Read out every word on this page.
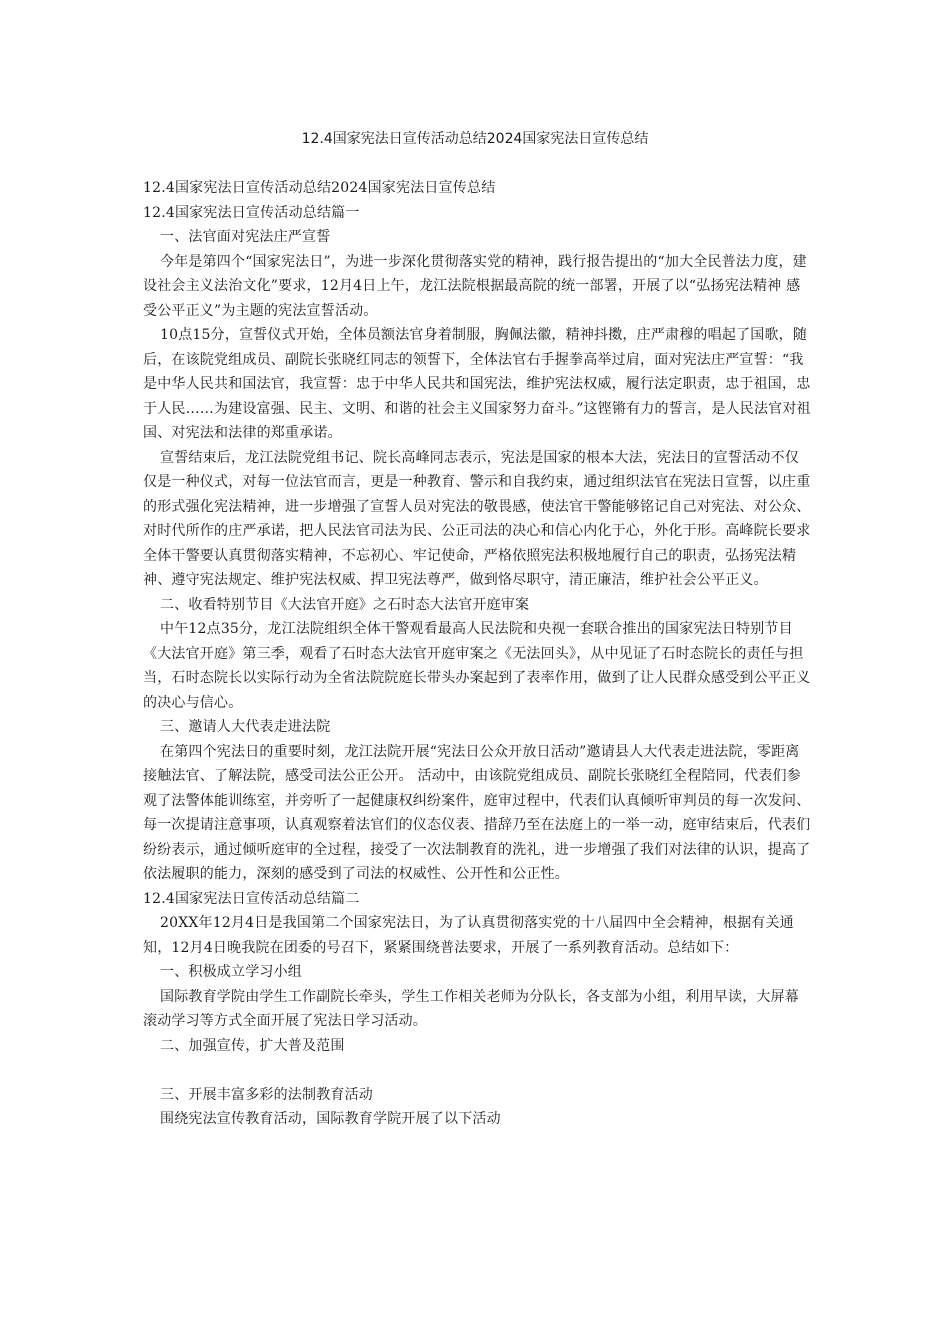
12.4国家宪法日宣传活动总结2024国家宪法日宣传总结

12.4国家宪法日宣传活动总结2024国家宪法日宣传总结

12.4国家宪法日宣传活动总结篇一

一、法官面对宪法庄严宣誓

今年是第四个“国家宪法日”，为进一步深化贯彻落实党的精神，践行报告提出的“加大全民普法力度，建设社会主义法治文化”要求，12月4日上午，龙江法院根据最高院的统一部署，开展了以“弘扬宪法精神 感受公平正义”为主题的宪法宣誓活动。

10点15分，宣誓仪式开始，全体员额法官身着制服，胸佩法徽，精神抖擞，庄严肃穆的唱起了国歌，随后，在该院党组成员、副院长张晓红同志的领誓下，全体法官右手握拳高举过肩，面对宪法庄严宣誓：“我是中华人民共和国法官，我宣誓：忠于中华人民共和国宪法，维护宪法权威，履行法定职责，忠于祖国，忠于人民……为建设富强、民主、文明、和谐的社会主义国家努力奋斗。”这铿锵有力的誓言，是人民法官对祖国、对宪法和法律的郑重承诺。

宣誓结束后，龙江法院党组书记、院长高峰同志表示，宪法是国家的根本大法，宪法日的宣誓活动不仅仅是一种仪式，对每一位法官而言，更是一种教育、警示和自我约束，通过组织法官在宪法日宣誓，以庄重的形式强化宪法精神，进一步增强了宣誓人员对宪法的敬畏感，使法官干警能够铭记自己对宪法、对公众、对时代所作的庄严承诺，把人民法官司法为民、公正司法的决心和信心内化于心，外化于形。高峰院长要求全体干警要认真贯彻落实精神，不忘初心、牢记使命，严格依照宪法积极地履行自己的职责，弘扬宪法精神、遵守宪法规定、维护宪法权威、捍卫宪法尊严，做到恪尽职守，清正廉洁，维护社会公平正义。

二、收看特别节目《大法官开庭》之石时态大法官开庭审案

中午12点35分，龙江法院组织全体干警观看最高人民法院和央视一套联合推出的国家宪法日特别节目《大法官开庭》第三季，观看了石时态大法官开庭审案之《无法回头》，从中见证了石时态院长的责任与担当，石时态院长以实际行动为全省法院院庭长带头办案起到了表率作用，做到了让人民群众感受到公平正义的决心与信心。

三、邀请人大代表走进法院

在第四个宪法日的重要时刻，龙江法院开展“宪法日公众开放日活动”邀请县人大代表走进法院，零距离接触法官、了解法院，感受司法公正公开。 活动中，由该院党组成员、副院长张晓红全程陪同，代表们参观了法警体能训练室，并旁听了一起健康权纠纷案件，庭审过程中，代表们认真倾听审判员的每一次发问、每一次提请注意事项，认真观察着法官们的仪态仪表、措辞乃至在法庭上的一举一动，庭审结束后，代表们纷纷表示，通过倾听庭审的全过程，接受了一次法制教育的洗礼，进一步增强了我们对法律的认识，提高了依法履职的能力，深刻的感受到了司法的权威性、公开性和公正性。

12.4国家宪法日宣传活动总结篇二

20XX年12月4日是我国第二个国家宪法日，为了认真贯彻落实党的十八届四中全会精神，根据有关通知，12月4日晚我院在团委的号召下，紧紧围绕普法要求，开展了一系列教育活动。总结如下：

一、积极成立学习小组

国际教育学院由学生工作副院长牵头，学生工作相关老师为分队长，各支部为小组，利用早读，大屏幕滚动学习等方式全面开展了宪法日学习活动。

二、加强宣传，扩大普及范围

三、开展丰富多彩的法制教育活动

围绕宪法宣传教育活动，国际教育学院开展了以下活动
